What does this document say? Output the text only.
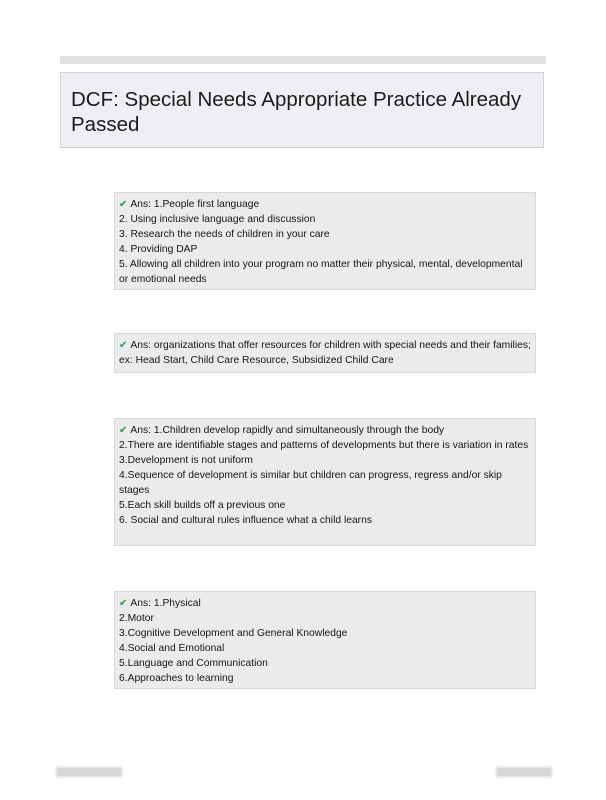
DCF: Special Needs Appropriate Practice Already Passed

✔ Ans: 1.People first language
2. Using inclusive language and discussion
3. Research the needs of children in your care
4. Providing DAP
5. Allowing all children into your program no matter their physical, mental, developmental or emotional needs
✔ Ans: organizations that offer resources for children with special needs and their families; ex: Head Start, Child Care Resource, Subsidized Child Care
✔ Ans: 1.Children develop rapidly and simultaneously through the body
2.There are identifiable stages and patterns of developments but there is variation in rates
3.Development is not uniform
4.Sequence of development is similar but children can progress, regress and/or skip stages
5.Each skill builds off a previous one
6. Social and cultural rules influence what a child learns
✔ Ans: 1.Physical
2.Motor
3.Cognitive Development and General Knowledge
4.Social and Emotional
5.Language and Communication
6.Approaches to learning
